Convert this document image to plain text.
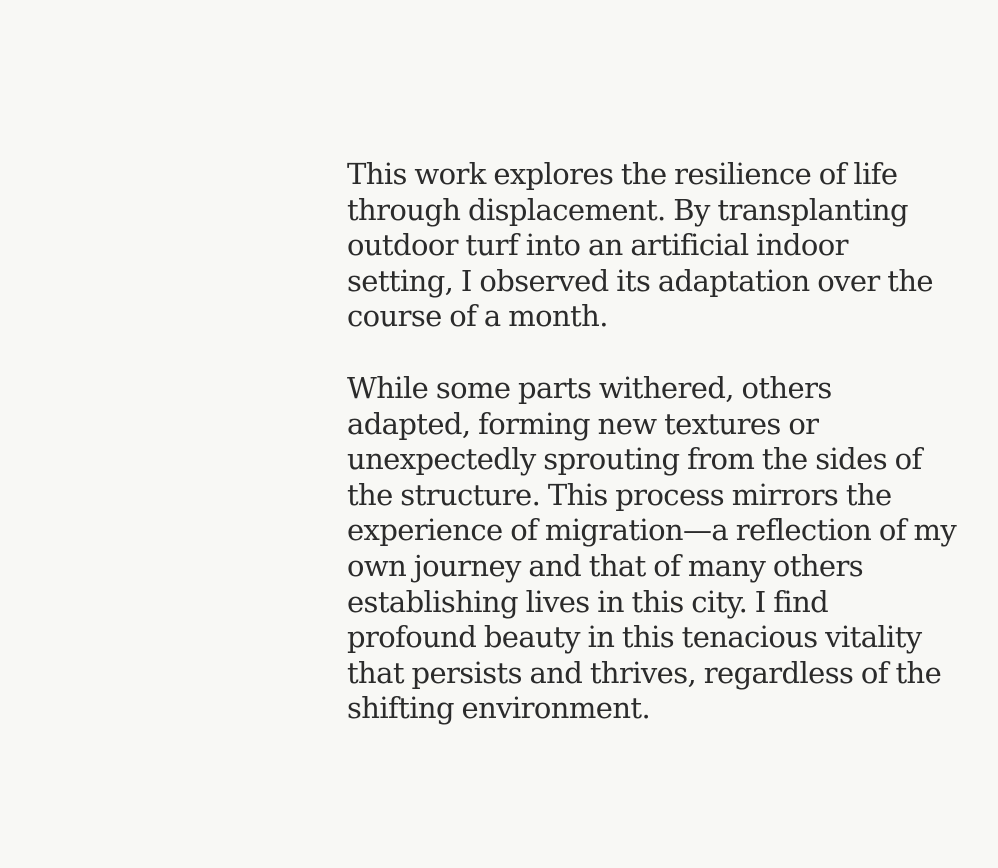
This work explores the resilience of life
through displacement. By transplanting
outdoor turf into an artificial indoor
setting, I observed its adaptation over the
course of a month.

While some parts withered, others
adapted, forming new textures or
unexpectedly sprouting from the sides of
the structure. This process mirrors the
experience of migration—a reflection of my
own journey and that of many others
establishing lives in this city. I find
profound beauty in this tenacious vitality
that persists and thrives, regardless of the
shifting environment.
